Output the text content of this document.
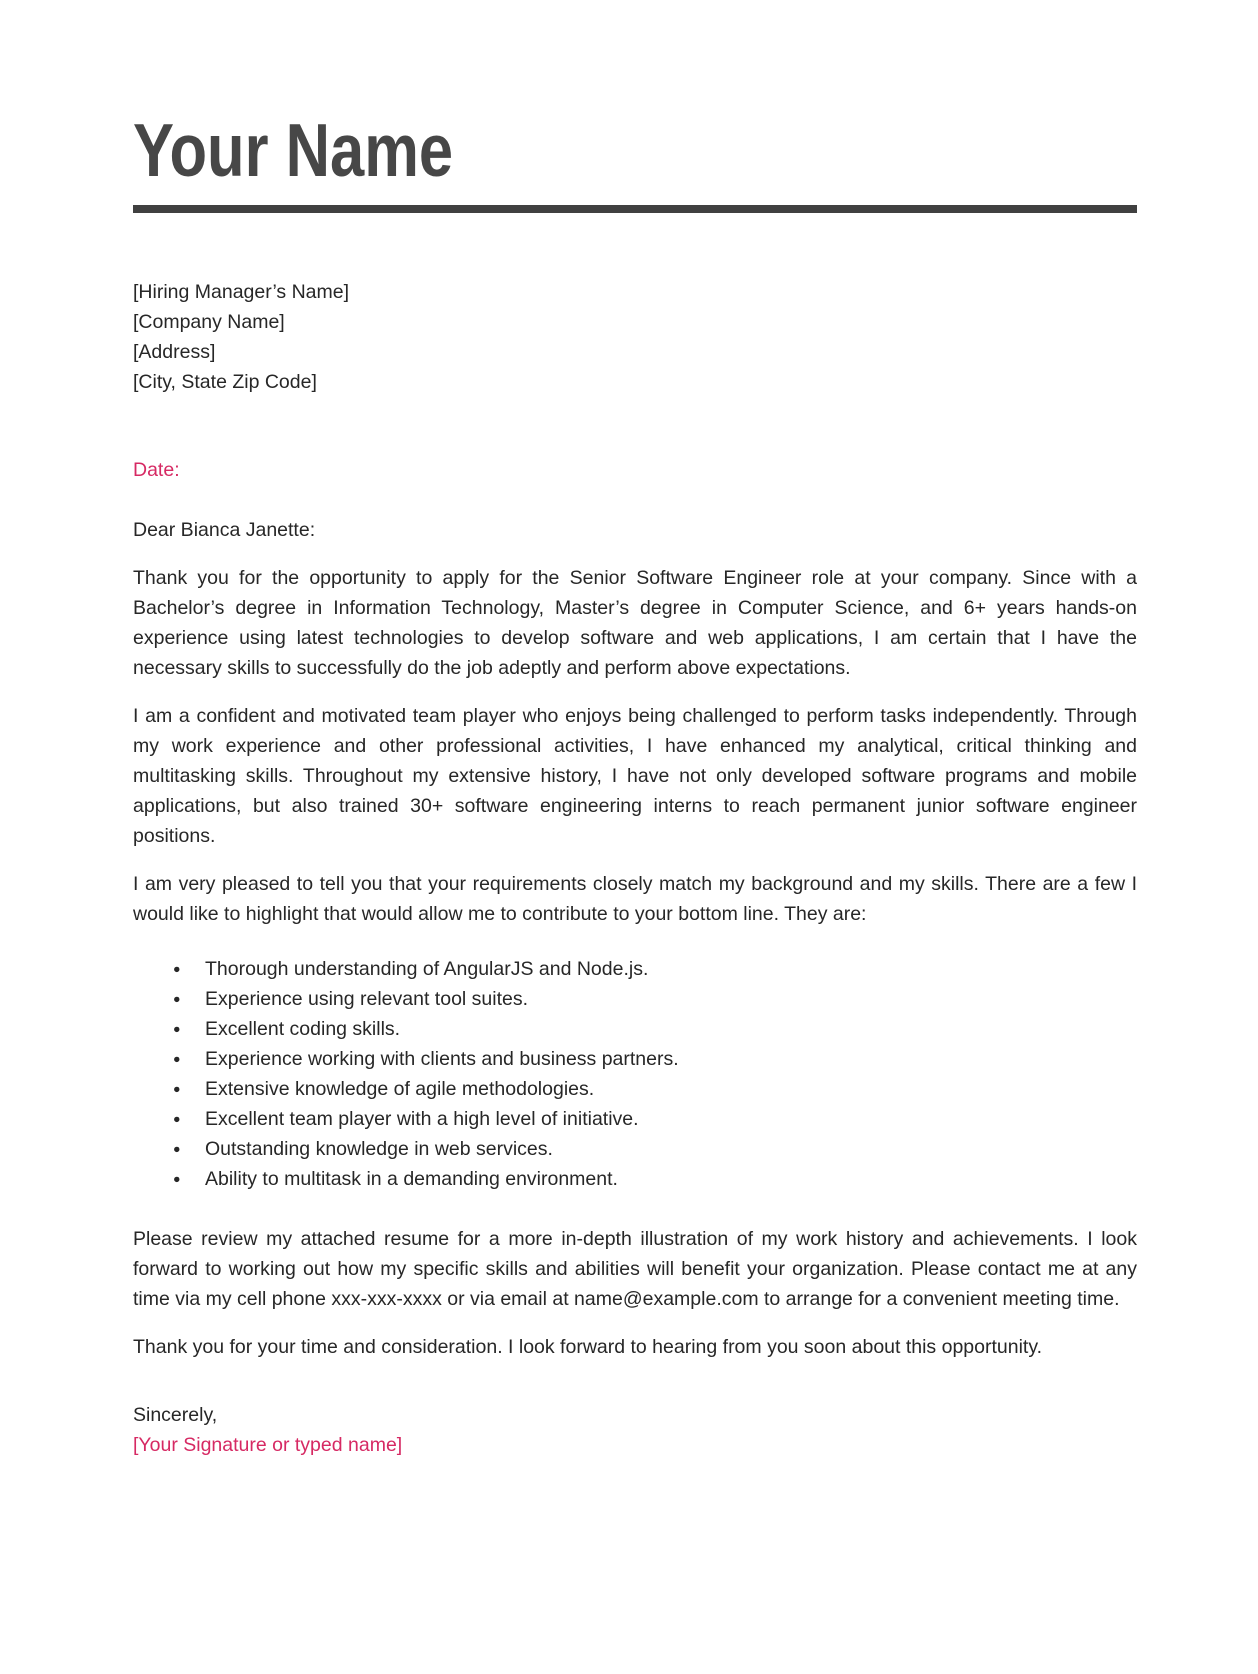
Your Name
[Hiring Manager’s Name]
[Company Name]
[Address]
[City, State Zip Code]
Date:
Dear Bianca Janette:

Thank you for the opportunity to apply for the Senior Software Engineer role at your company. Since with a Bachelor’s degree in Information Technology, Master’s degree in Computer Science, and 6+ years hands-on experience using latest technologies to develop software and web applications, I am certain that I have the necessary skills to successfully do the job adeptly and perform above expectations.

I am a confident and motivated team player who enjoys being challenged to perform tasks independently. Through my work experience and other professional activities, I have enhanced my analytical, critical thinking and multitasking skills. Throughout my extensive history, I have not only developed software programs and mobile applications, but also trained 30+ software engineering interns to reach permanent junior software engineer positions.

I am very pleased to tell you that your requirements closely match my background and my skills. There are a few I would like to highlight that would allow me to contribute to your bottom line. They are:

● Thorough understanding of AngularJS and Node.js.
● Experience using relevant tool suites.
● Excellent coding skills.
● Experience working with clients and business partners.
● Extensive knowledge of agile methodologies.
● Excellent team player with a high level of initiative.
● Outstanding knowledge in web services.
● Ability to multitask in a demanding environment.

Please review my attached resume for a more in-depth illustration of my work history and achievements. I look forward to working out how my specific skills and abilities will benefit your organization. Please contact me at any time via my cell phone xxx-xxx-xxxx or via email at name@example.com to arrange for a convenient meeting time.

Thank you for your time and consideration. I look forward to hearing from you soon about this opportunity.

Sincerely,
[Your Signature or typed name]
